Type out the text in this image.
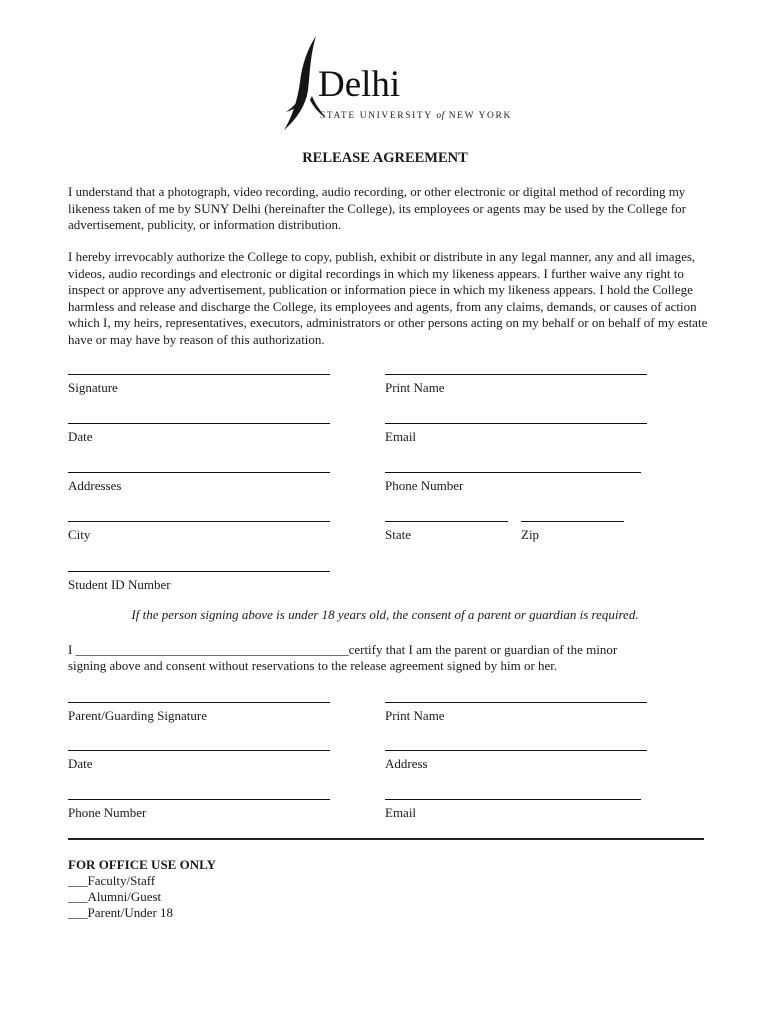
Delhi
STATE UNIVERSITY of NEW YORK
RELEASE AGREEMENT
I understand that a photograph, video recording, audio recording, or other electronic or digital method of recording my likeness taken of me by SUNY Delhi (hereinafter the College), its employees or agents may be used by the College for advertisement, publicity, or information distribution.
I hereby irrevocably authorize the College to copy, publish, exhibit or distribute in any legal manner, any and all images, videos, audio recordings and electronic or digital recordings in which my likeness appears. I further waive any right to inspect or approve any advertisement, publication or information piece in which my likeness appears. I hold the College harmless and release and discharge the College, its employees and agents, from any claims, demands, or causes of action which I, my heirs, representatives, executors, administrators or other persons acting on my behalf or on behalf of my estate have or may have by reason of this authorization.
Signature	Print Name
Date	Email
Addresses	Phone Number
City	State	Zip
Student ID Number
If the person signing above is under 18 years old, the consent of a parent or guardian is required.
I __________________________________________certify that I am the parent or guardian of the minor
signing above and consent without reservations to the release agreement signed by him or her.
Parent/Guarding Signature	Print Name
Date	Address
Phone Number	Email
FOR OFFICE USE ONLY
___Faculty/Staff
___Alumni/Guest
___Parent/Under 18
